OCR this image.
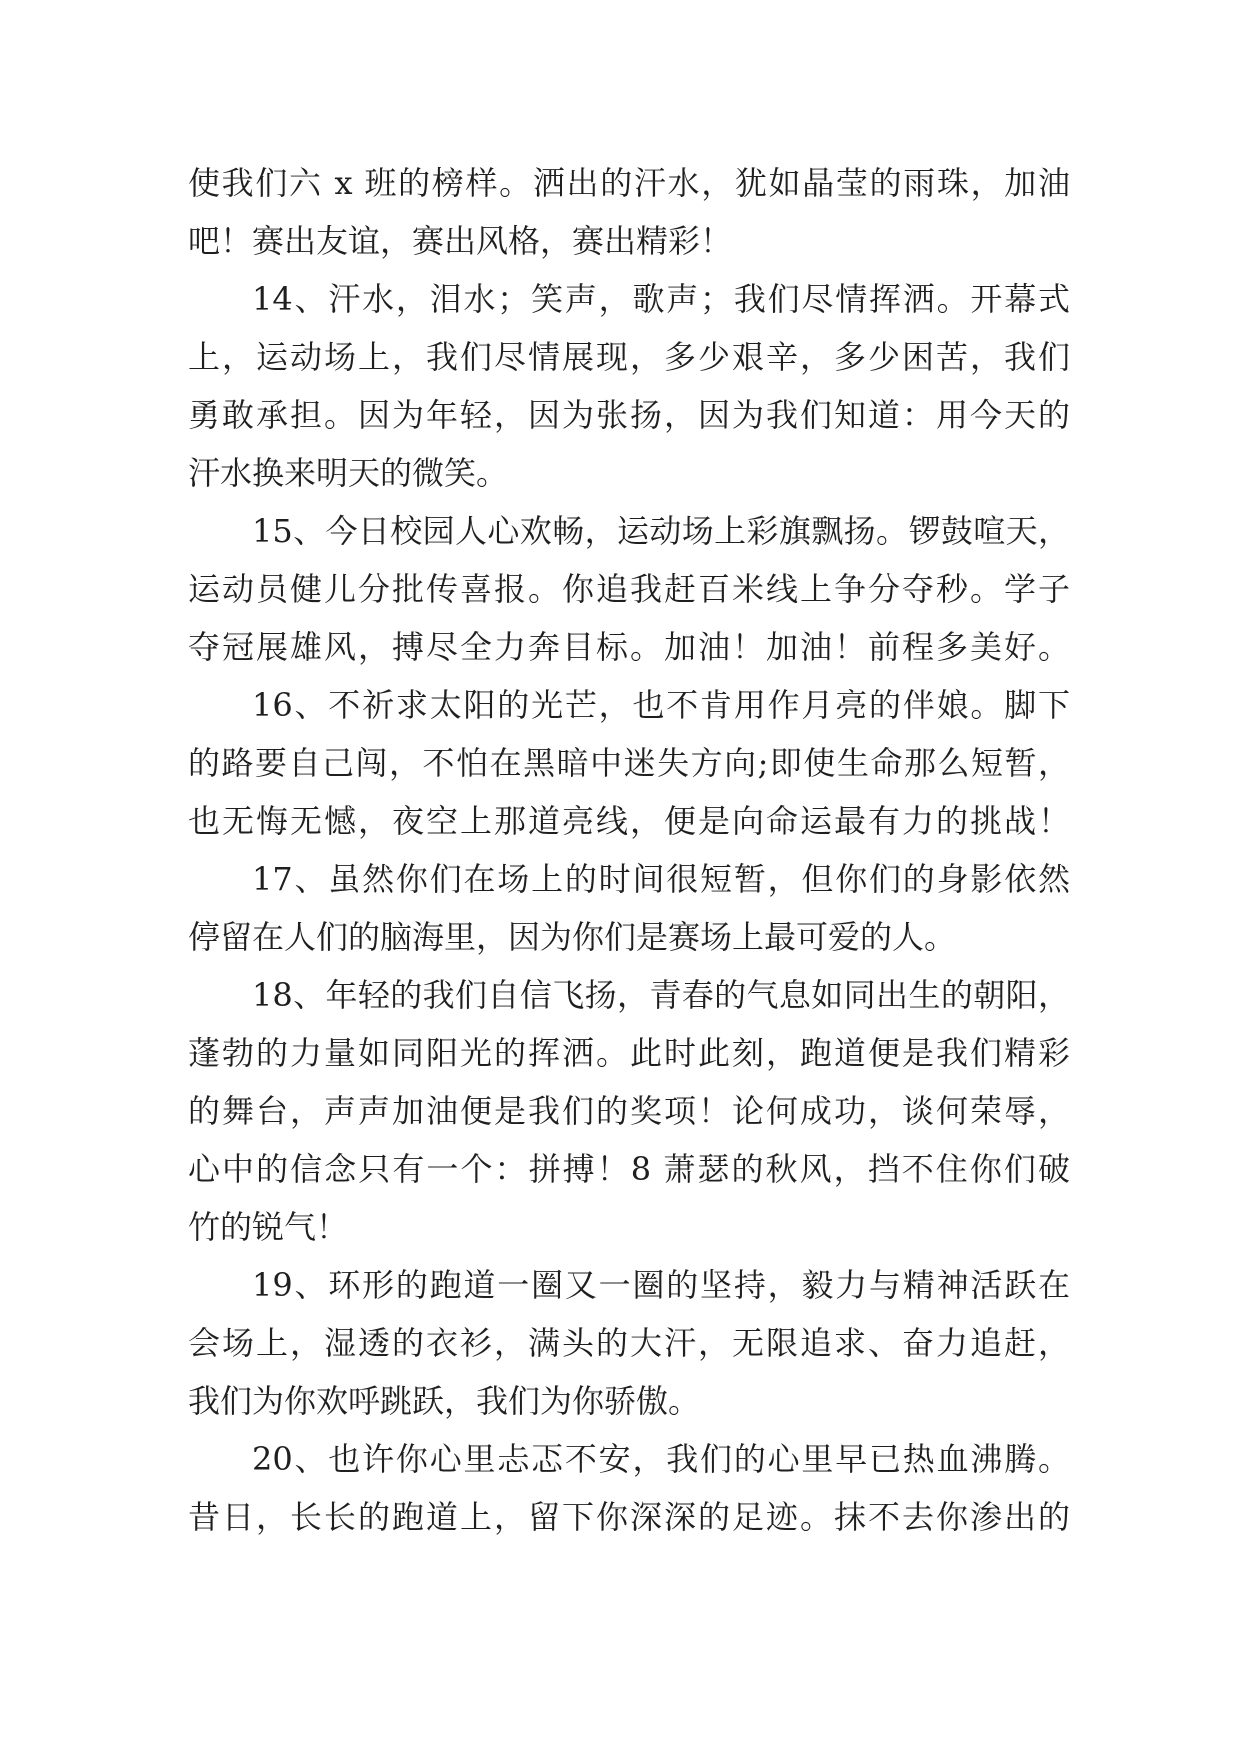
使我们六 x 班的榜样。洒出的汗水，犹如晶莹的雨珠，加油
吧！赛出友谊，赛出风格，赛出精彩！
14、汗水，泪水；笑声，歌声；我们尽情挥洒。开幕式
上，运动场上，我们尽情展现，多少艰辛，多少困苦，我们
勇敢承担。因为年轻，因为张扬，因为我们知道：用今天的
汗水换来明天的微笑。
15、今日校园人心欢畅，运动场上彩旗飘扬。锣鼓喧天，
运动员健儿分批传喜报。你追我赶百米线上争分夺秒。学子
夺冠展雄风，搏尽全力奔目标。加油！加油！前程多美好。
16、不祈求太阳的光芒，也不肯用作月亮的伴娘。脚下
的路要自己闯，不怕在黑暗中迷失方向;即使生命那么短暂，
也无悔无憾，夜空上那道亮线，便是向命运最有力的挑战！
17、虽然你们在场上的时间很短暂，但你们的身影依然
停留在人们的脑海里，因为你们是赛场上最可爱的人。
18、年轻的我们自信飞扬，青春的气息如同出生的朝阳，
蓬勃的力量如同阳光的挥洒。此时此刻，跑道便是我们精彩
的舞台，声声加油便是我们的奖项！论何成功，谈何荣辱，
心中的信念只有一个：拼搏！8 萧瑟的秋风，挡不住你们破
竹的锐气！
19、环形的跑道一圈又一圈的坚持，毅力与精神活跃在
会场上，湿透的衣衫，满头的大汗，无限追求、奋力追赶，
我们为你欢呼跳跃，我们为你骄傲。
20、也许你心里忐忑不安，我们的心里早已热血沸腾。
昔日，长长的跑道上，留下你深深的足迹。抹不去你渗出的
